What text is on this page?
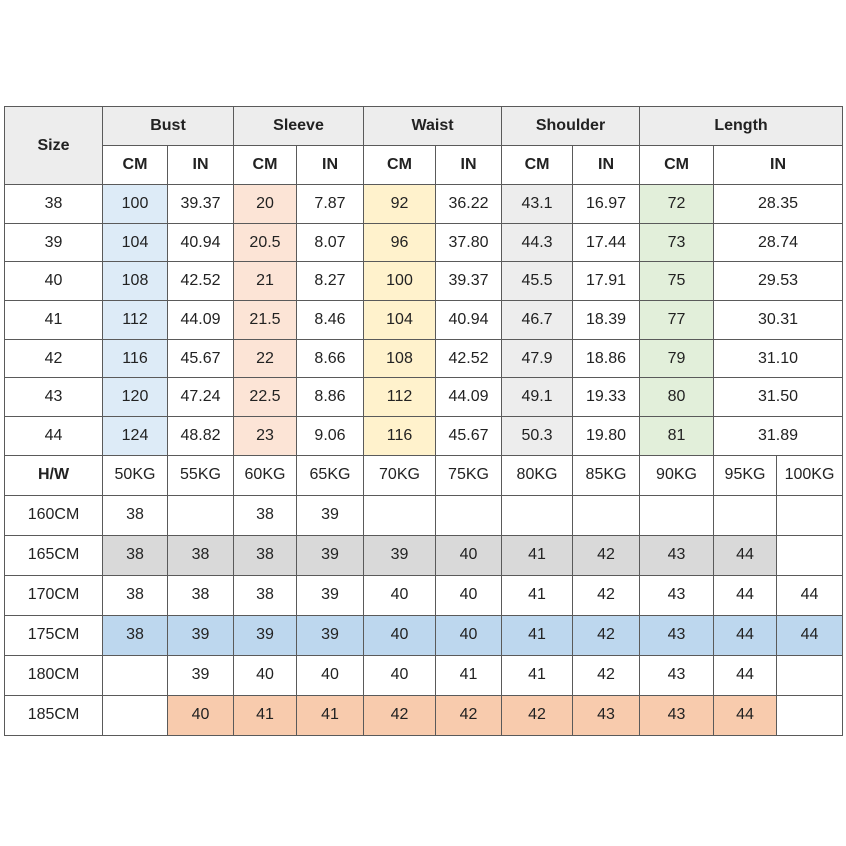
Size	Bust		Sleeve		Waist		Shoulder		Length		
	CM	IN	CM	IN	CM	IN	CM	IN	CM	IN	
38	100	39.37	20	7.87	92	36.22	43.1	16.97	72	28.35	
39	104	40.94	20.5	8.07	96	37.80	44.3	17.44	73	28.74	
40	108	42.52	21	8.27	100	39.37	45.5	17.91	75	29.53	
41	112	44.09	21.5	8.46	104	40.94	46.7	18.39	77	30.31	
42	116	45.67	22	8.66	108	42.52	47.9	18.86	79	31.10	
43	120	47.24	22.5	8.86	112	44.09	49.1	19.33	80	31.50	
44	124	48.82	23	9.06	116	45.67	50.3	19.80	81	31.89	
H/W	50KG	55KG	60KG	65KG	70KG	75KG	80KG	85KG	90KG	95KG	100KG
160CM	38		38	39							
165CM	38	38	38	39	39	40	41	42	43	44	
170CM	38	38	38	39	40	40	41	42	43	44	44
175CM	38	39	39	39	40	40	41	42	43	44	44
180CM		39	40	40	40	41	41	42	43	44	
185CM		40	41	41	42	42	42	43	43	44	
